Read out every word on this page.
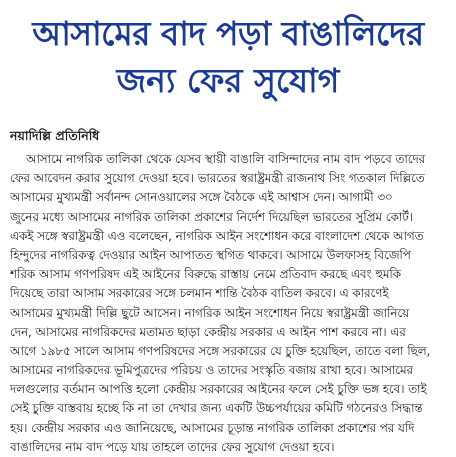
আসামের বাদ পড়া বাঙালিদের
জন্য ফের সুযোগ
নয়াদিল্লি প্রতিনিধি
আসামে নাগরিক তালিকা থেকে যেসব স্থায়ী বাঙালি বাসিন্দাদের নাম বাদ পড়বে তাদের
ফের আবেদন করার সুযোগ দেওয়া হবে। ভারতের স্বরাষ্ট্রমন্ত্রী রাজনাথ সিং গতকাল দিল্লিতে
আসামের মুখ্যমন্ত্রী সর্বানন্দ সোনওয়ালের সঙ্গে বৈঠকে এই আশ্বাস দেন। আগামী ৩০
জুনের মধ্যে আসামের নাগরিক তালিকা প্রকাশের নির্দেশ দিয়েছিল ভারতের সুপ্রিম কোর্ট।
একই সঙ্গে স্বরাষ্ট্রমন্ত্রী এও বলেছেন, নাগরিক আইন সংশোধন করে বাংলাদেশ থেকে আগত
হিন্দুদের নাগরিকত্ব দেওয়ার আইন আপাতত স্থগিত থাকবে। আসামে উলফাসহ বিজেপি
শরিক আসাম গণপরিষদ এই আইনের বিরুদ্ধে রাস্তায় নেমে প্রতিবাদ করছে এবং হুমকি
দিয়েছে তারা আসাম সরকারের সঙ্গে চলমান শান্তি বৈঠক বাতিল করবে। এ কারণেই
আসামের মুখ্যমন্ত্রী দিল্লি ছুটে আসেন। নাগরিক আইন সংশোধন নিয়ে স্বরাষ্ট্রমন্ত্রী জানিয়ে
দেন, আসামের নাগরিকদের মতামত ছাড়া কেন্দ্রীয় সরকার এ আইন পাশ করবে না। এর
আগে ১৯৮৫ সালে আসাম গণপরিষদের সঙ্গে সরকারের যে চুক্তি হয়েছিল, তাতে বলা ছিল,
আসামের নাগরিকদের ভূমিপুত্রদের পরিচয় ও তাদের সংস্কৃতি বজায় রাখা হবে। আসামের
দলগুলোর বর্তমান আপত্তি হলো কেন্দ্রীয় সরকারের আইনের ফলে সেই চুক্তি ভঙ্গ হবে। তাই
সেই চুক্তি বাস্তবায় হচ্ছে কি না তা দেখার জন্য একটি উচ্চপর্যায়ের কমিটি গঠনেরও সিদ্ধান্ত
হয়। কেন্দ্রীয় সরকার এও জানিয়েছে, আসামের চূড়ান্ত নাগরিক তালিকা প্রকাশের পর যদি
বাঙালিদের নাম বাদ পড়ে যায় তাহলে তাদের ফের সুযোগ দেওয়া হবে।
